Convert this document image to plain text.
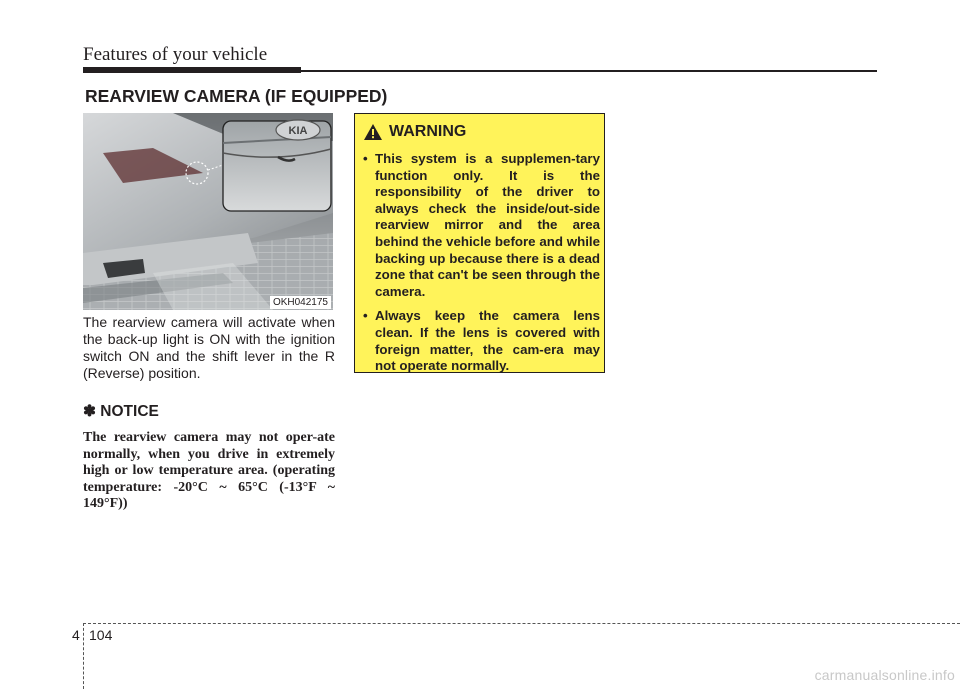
Features of your vehicle
REARVIEW CAMERA (IF EQUIPPED)
KIA
OKH042175

The rearview camera will activate when the back-up light is ON with the ignition switch ON and the shift lever in the R (Reverse) position.

✽ NOTICE

The rearview camera may not oper-ate normally, when you drive in extremely high or low temperature area. (operating temperature: -20°C ~ 65°C (-13°F ~ 149°F))

WARNING
• This system is a supplemen-tary function only. It is the responsibility of the driver to always check the inside/out-side rearview mirror and the area behind the vehicle before and while backing up because there is a dead zone that can't be seen through the camera.
• Always keep the camera lens clean. If the lens is covered with foreign matter, the cam-era may not operate normally.
4 104
carmanualsonline.info
